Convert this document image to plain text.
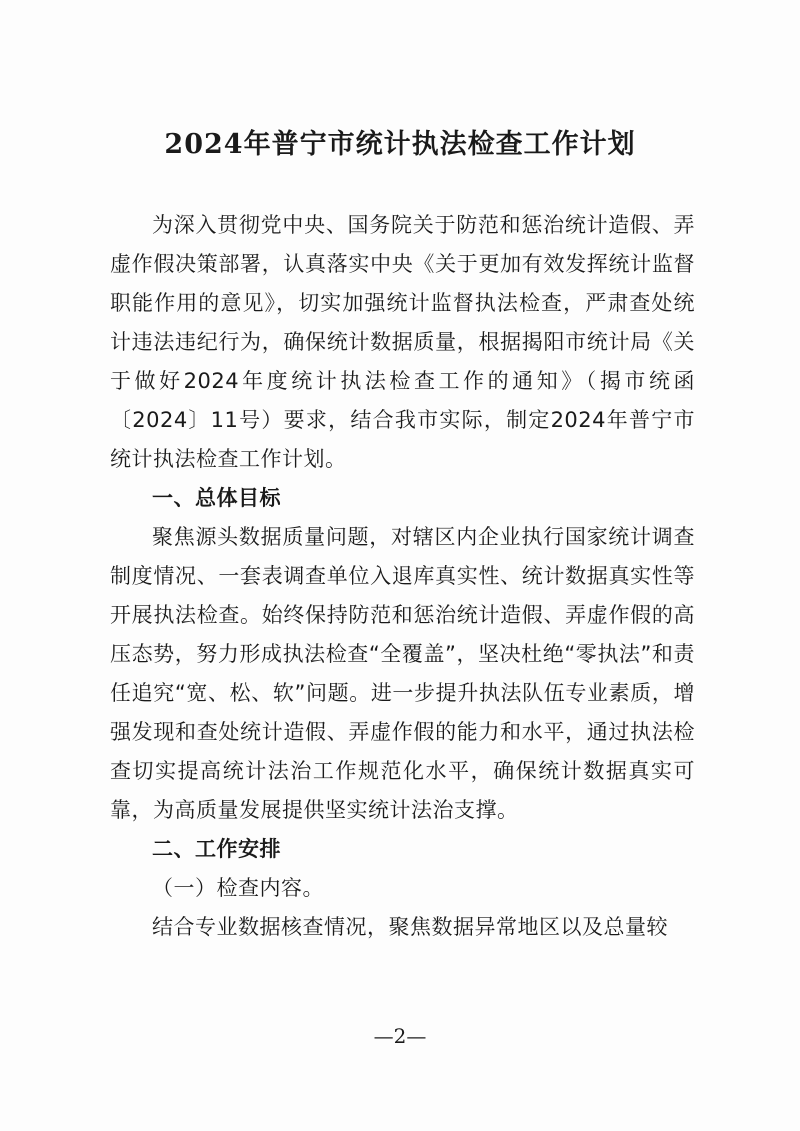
2024年普宁市统计执法检查工作计划

为深入贯彻党中央、国务院关于防范和惩治统计造假、弄虚作假决策部署，认真落实中央《关于更加有效发挥统计监督职能作用的意见》，切实加强统计监督执法检查，严肃查处统计违法违纪行为，确保统计数据质量，根据揭阳市统计局《关于做好2024年度统计执法检查工作的通知》（揭市统函〔2024〕11号）要求，结合我市实际，制定2024年普宁市统计执法检查工作计划。

一、总体目标

聚焦源头数据质量问题，对辖区内企业执行国家统计调查制度情况、一套表调查单位入退库真实性、统计数据真实性等开展执法检查。始终保持防范和惩治统计造假、弄虚作假的高压态势，努力形成执法检查“全覆盖”，坚决杜绝“零执法”和责任追究“宽、松、软”问题。进一步提升执法队伍专业素质，增强发现和查处统计造假、弄虚作假的能力和水平，通过执法检查切实提高统计法治工作规范化水平，确保统计数据真实可靠，为高质量发展提供坚实统计法治支撑。

二、工作安排

（一）检查内容。

结合专业数据核查情况，聚焦数据异常地区以及总量较

—2—
